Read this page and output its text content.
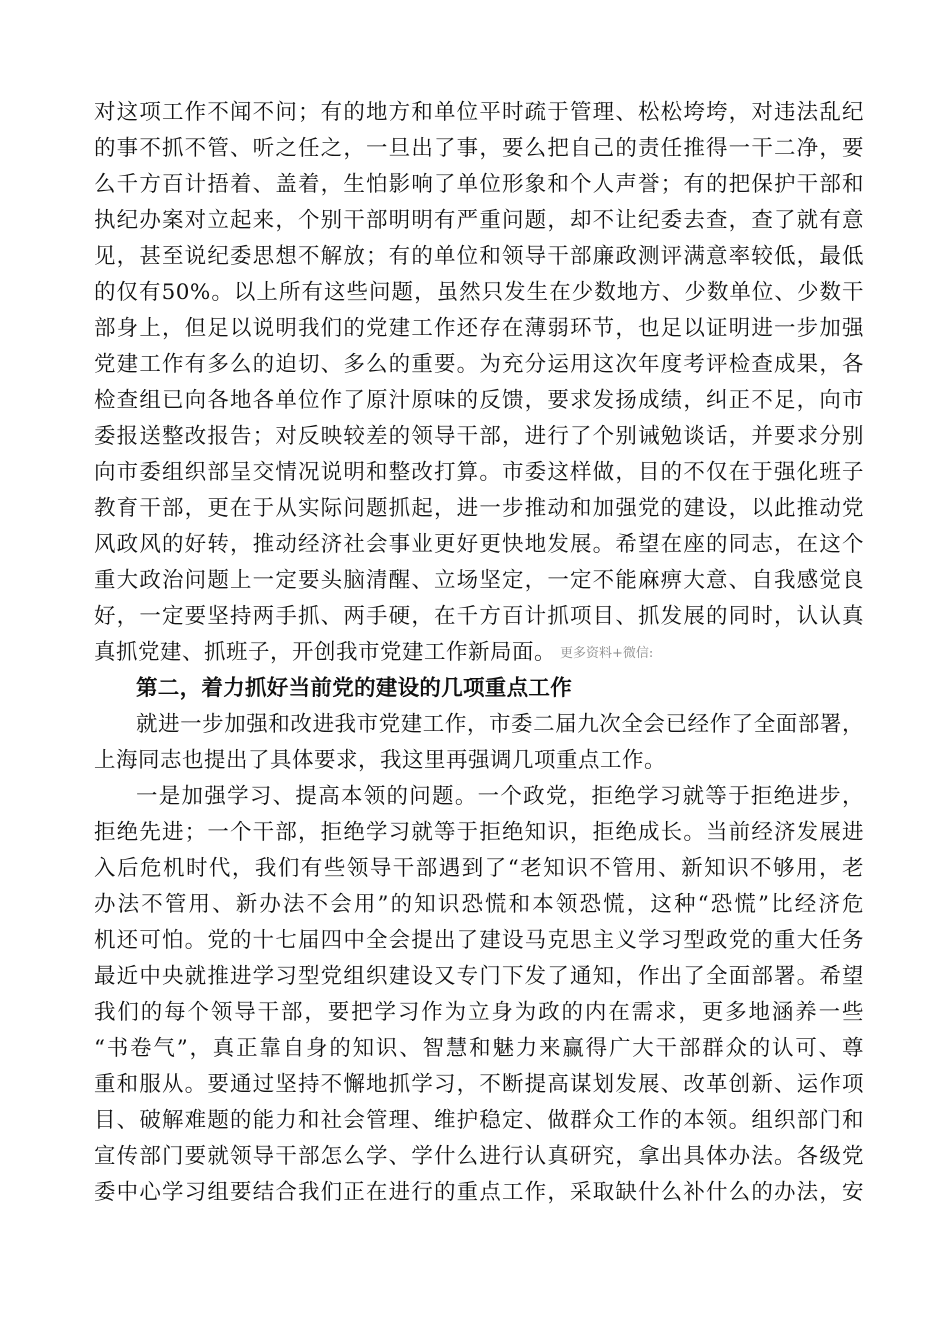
对这项工作不闻不问；有的地方和单位平时疏于管理、松松垮垮，对违法乱纪
的事不抓不管、听之任之，一旦出了事，要么把自己的责任推得一干二净，要
么千方百计捂着、盖着，生怕影响了单位形象和个人声誉；有的把保护干部和
执纪办案对立起来，个别干部明明有严重问题，却不让纪委去查，查了就有意
见，甚至说纪委思想不解放；有的单位和领导干部廉政测评满意率较低，最低
的仅有50%。以上所有这些问题，虽然只发生在少数地方、少数单位、少数干
部身上，但足以说明我们的党建工作还存在薄弱环节，也足以证明进一步加强
党建工作有多么的迫切、多么的重要。为充分运用这次年度考评检查成果，各
检查组已向各地各单位作了原汁原味的反馈，要求发扬成绩，纠正不足，向市
委报送整改报告；对反映较差的领导干部，进行了个别诫勉谈话，并要求分别
向市委组织部呈交情况说明和整改打算。市委这样做，目的不仅在于强化班子
教育干部，更在于从实际问题抓起，进一步推动和加强党的建设，以此推动党
风政风的好转，推动经济社会事业更好更快地发展。希望在座的同志，在这个
重大政治问题上一定要头脑清醒、立场坚定，一定不能麻痹大意、自我感觉良
好，一定要坚持两手抓、两手硬，在千方百计抓项目、抓发展的同时，认认真
真抓党建、抓班子，开创我市党建工作新局面。 更多资料+微信:
第二，着力抓好当前党的建设的几项重点工作
就进一步加强和改进我市党建工作，市委二届九次全会已经作了全面部署，
上海同志也提出了具体要求，我这里再强调几项重点工作。
一是加强学习、提高本领的问题。一个政党，拒绝学习就等于拒绝进步，
拒绝先进；一个干部，拒绝学习就等于拒绝知识，拒绝成长。当前经济发展进
入后危机时代，我们有些领导干部遇到了“老知识不管用、新知识不够用，老
办法不管用、新办法不会用”的知识恐慌和本领恐慌，这种“恐慌”比经济危
机还可怕。党的十七届四中全会提出了建设马克思主义学习型政党的重大任务
最近中央就推进学习型党组织建设又专门下发了通知，作出了全面部署。希望
我们的每个领导干部，要把学习作为立身为政的内在需求，更多地涵养一些
“书卷气”，真正靠自身的知识、智慧和魅力来赢得广大干部群众的认可、尊
重和服从。要通过坚持不懈地抓学习，不断提高谋划发展、改革创新、运作项
目、破解难题的能力和社会管理、维护稳定、做群众工作的本领。组织部门和
宣传部门要就领导干部怎么学、学什么进行认真研究，拿出具体办法。各级党
委中心学习组要结合我们正在进行的重点工作，采取缺什么补什么的办法，安
